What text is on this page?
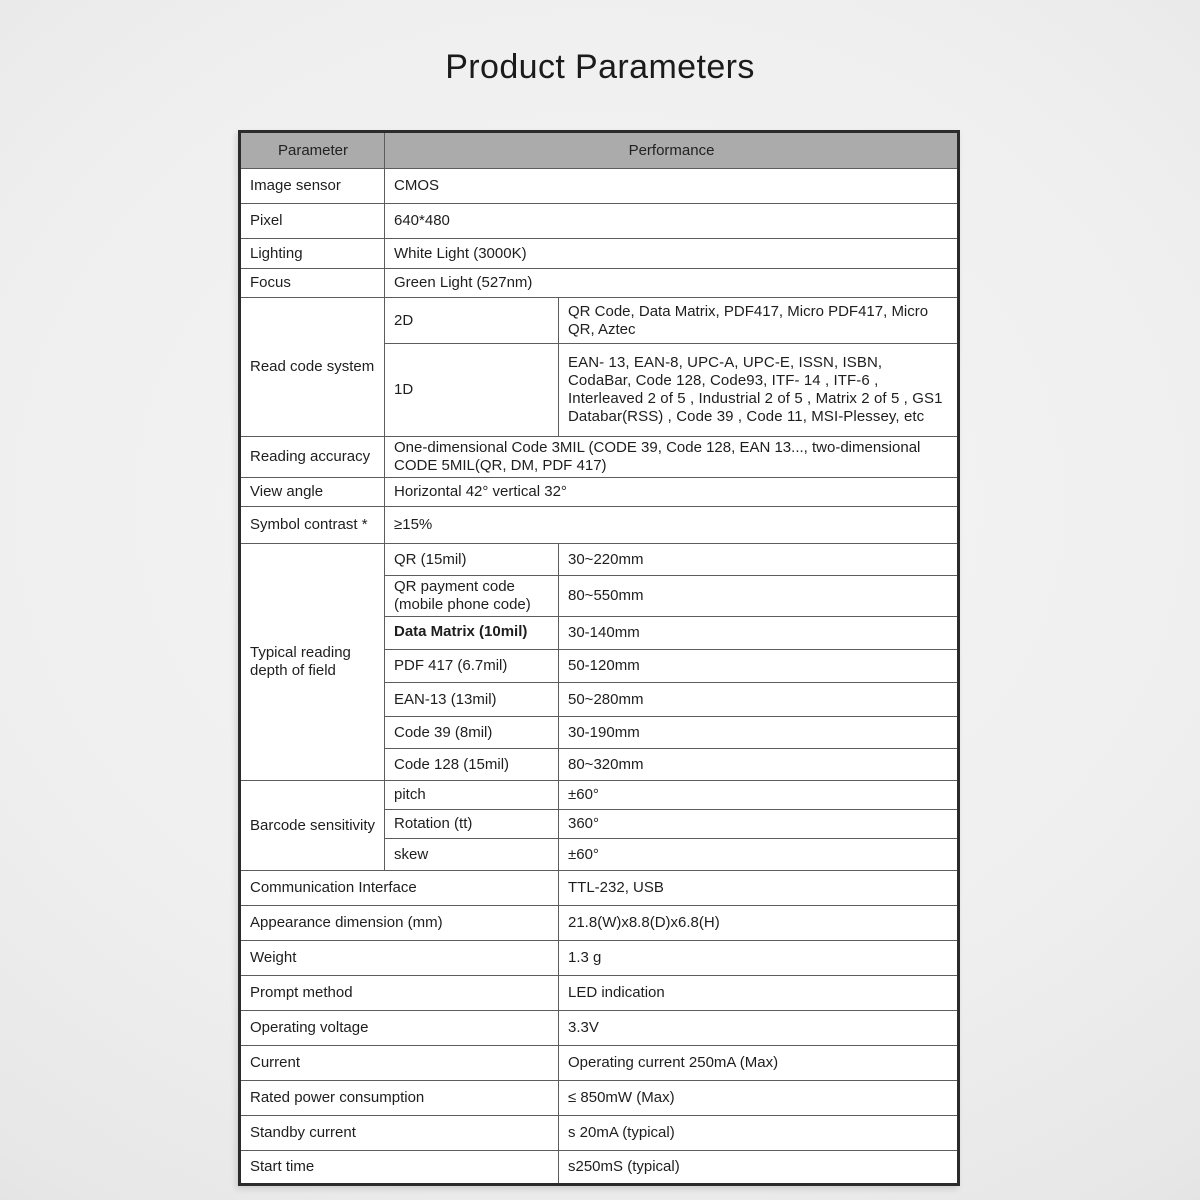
Product Parameters
Parameter	Performance	
Image sensor	CMOS	
Pixel	640*480	
Lighting	White Light (3000K)	
Focus	Green Light (527nm)	
Read code system	2D	QR Code, Data Matrix, PDF417, Micro PDF417, Micro QR, Aztec
	1D	EAN- 13, EAN-8, UPC-A, UPC-E, ISSN, ISBN, CodaBar, Code 128, Code93, ITF- 14 , ITF-6 , Interleaved 2 of 5 , Industrial 2 of 5 , Matrix 2 of 5 , GS1 Databar(RSS) , Code 39 , Code 11, MSI-Plessey, etc
Reading accuracy	One-dimensional Code 3MIL (CODE 39, Code 128, EAN 13..., two-dimensional CODE 5MIL(QR, DM, PDF 417)	
View angle	Horizontal 42° vertical 32°	
Symbol contrast *	≥15%	
Typical reading depth of field	QR (15mil)	30~220mm
	QR payment code (mobile phone code)	80~550mm

	Data Matrix (10mil)	30-140mm
	PDF 417 (6.7mil)	50-120mm
	EAN-13 (13mil)	50~280mm
	Code 39 (8mil)	30-190mm
	Code 128 (15mil)	80~320mm
Barcode sensitivity	pitch	±60°
	Rotation (tt)	360°
	skew	±60°
Communication Interface		TTL-232, USB
Appearance dimension (mm)		21.8(W)x8.8(D)x6.8(H)
Weight		1.3 g
Prompt method		LED indication
Operating voltage		3.3V
Current		Operating current 250mA (Max)
Rated power consumption		≤ 850mW (Max)
Standby current		s 20mA (typical)
Start time		s250mS (typical)
